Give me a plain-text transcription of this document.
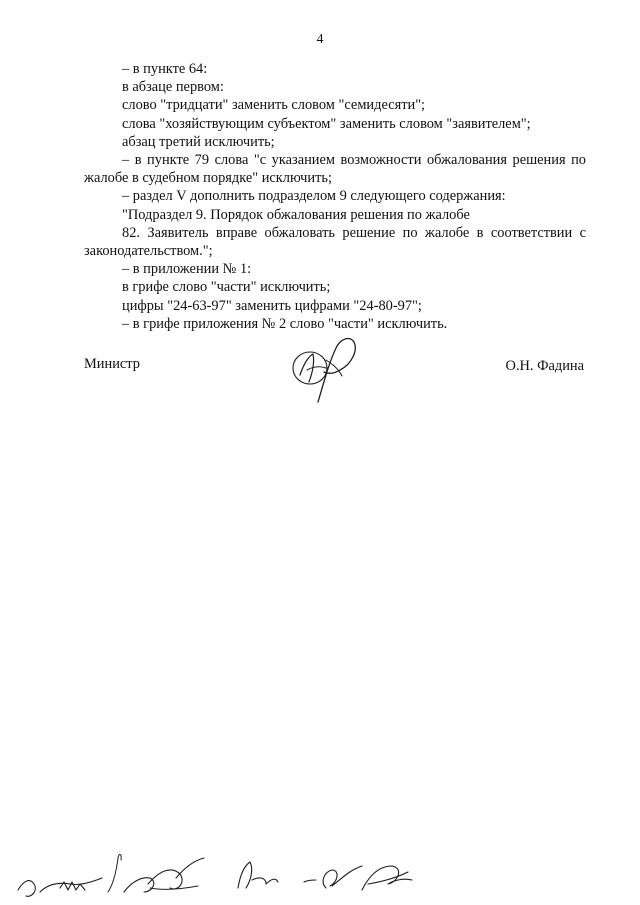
4

– в пункте 64:

в абзаце первом:

слово "тридцати" заменить словом "семидесяти";

слова "хозяйствующим субъектом" заменить словом "заявителем";

абзац третий исключить;

– в пункте 79 слова "с указанием возможности обжалования решения по жалобе в судебном порядке" исключить;

– раздел V дополнить подразделом 9 следующего содержания:

"Подраздел 9. Порядок обжалования решения по жалобе

82. Заявитель вправе обжаловать решение по жалобе в соответствии с законодательством.";

– в приложении № 1:

в грифе слово "части" исключить;

цифры "24-63-97" заменить цифрами "24-80-97";

– в грифе приложения № 2 слово "части" исключить.

Министр	О.Н. Фадина
